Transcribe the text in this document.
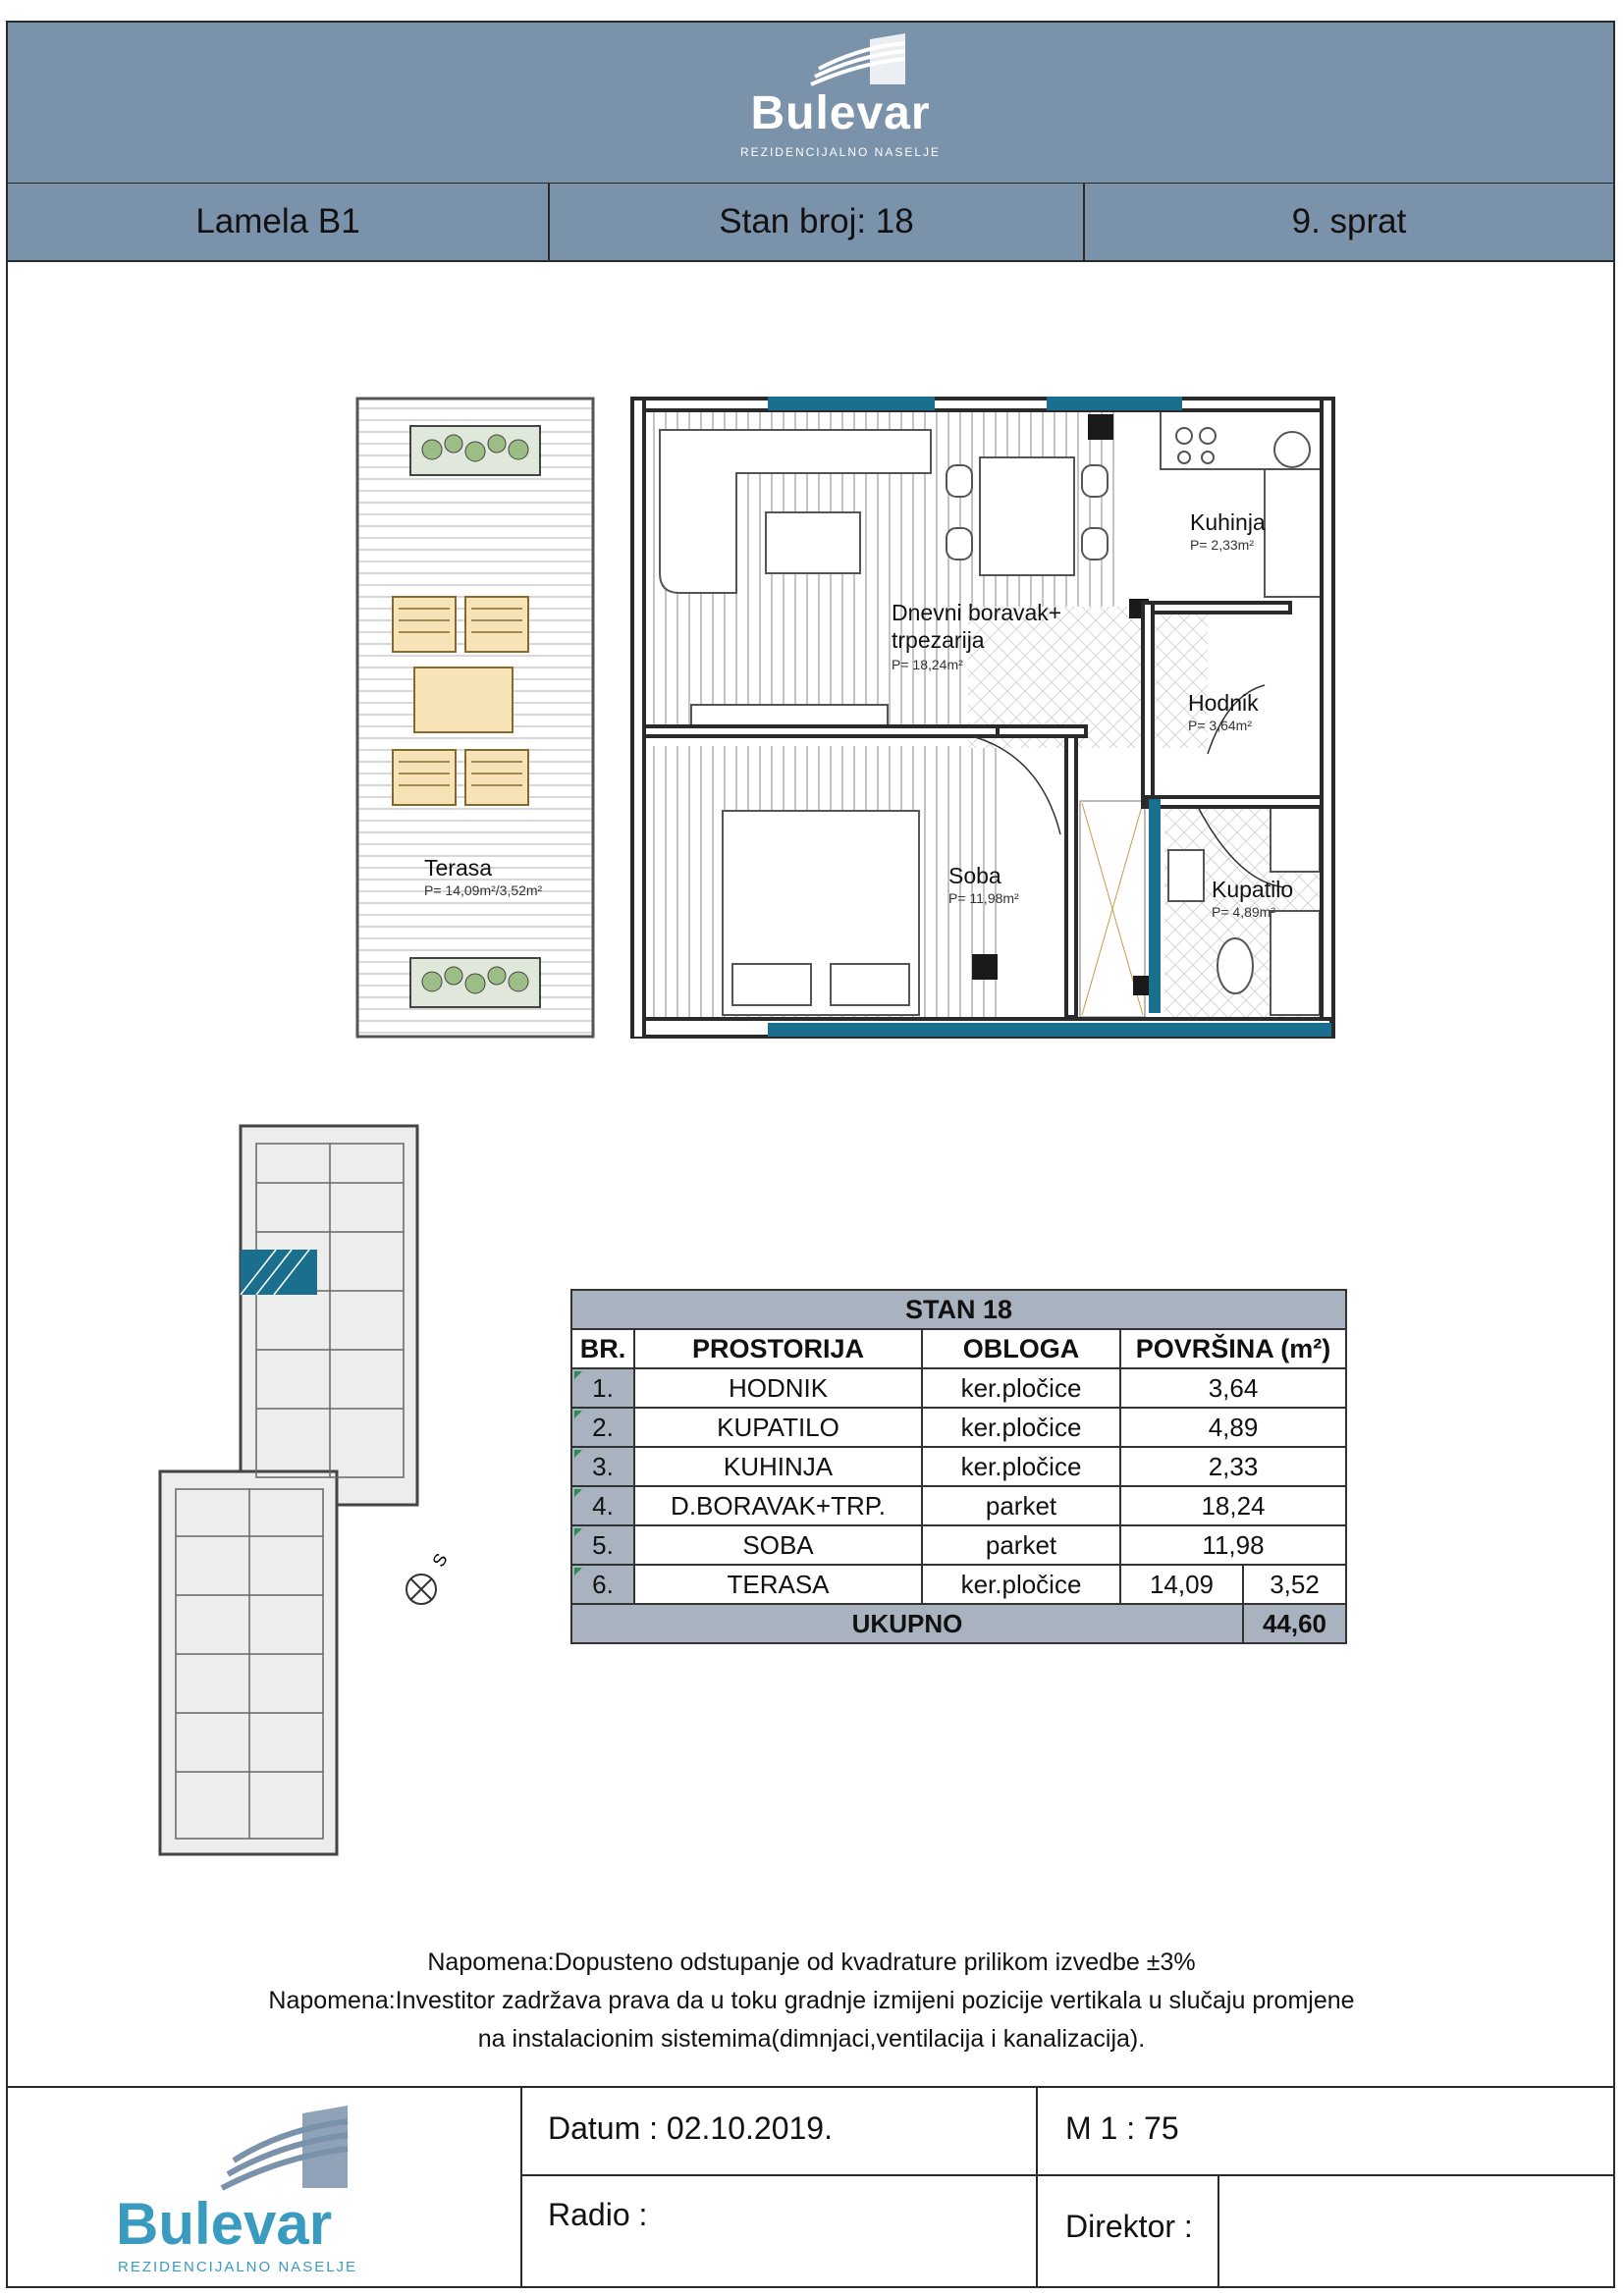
Bulevar
REZIDENCIJALNO NASELJE
Lamela B1	Stan broj: 18	9. sprat
Kuhinja
P= 2,33m²
Dnevni boravak+
trpezarija
P= 18,24m²
Hodnik
P= 3,64m²
Soba
P= 11,98m²	Kupatilo
P= 4,89m²
Terasa
P= 14,09m²/3,52m²
S
STAN 18				
BR.	PROSTORIJA	OBLOGA	POVRŠINA (m²)	
1.	HODNIK	ker.pločice	3,64	
2.	KUPATILO	ker.pločice	4,89	
3.	KUHINJA	ker.pločice	2,33	
4.	D.BORAVAK+TRP.	parket	18,24	
5.	SOBA	parket	11,98	
6.	TERASA	ker.pločice	14,09	3,52
UKUPNO				44,60
Napomena:Dopusteno odstupanje od kvadrature prilikom izvedbe ±3%
Napomena:Investitor zadržava prava da u toku gradnje izmijeni pozicije vertikala u slučaju promjene
na instalacionim sistemima(dimnjaci,ventilacija i kanalizacija).
Bulevar
REZIDENCIJALNO NASELJE
Datum : 02.10.2019.	M 1 : 75
Radio :	Direktor :
